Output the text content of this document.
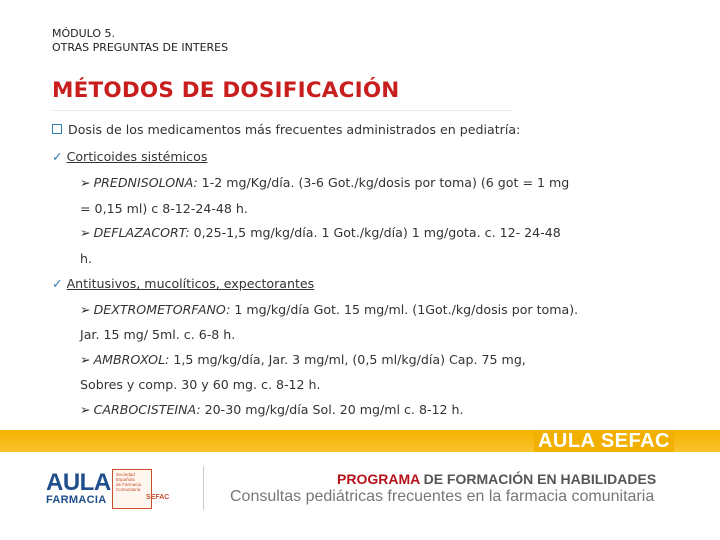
MÓDULO 5.
OTRAS PREGUNTAS DE INTERES
MÉTODOS DE DOSIFICACIÓN
Dosis de los medicamentos más frecuentes administrados en pediatría:
✓ Corticoides sistémicos
➢ PREDNISOLONA: 1-2 mg/Kg/día. (3-6 Got./kg/dosis por toma) (6 got = 1 mg
= 0,15 ml) c 8-12-24-48 h.
➢ DEFLAZACORT: 0,25-1,5 mg/kg/día. 1 Got./kg/día) 1 mg/gota. c. 12- 24-48
h.
✓ Antitusivos, mucolíticos, expectorantes
➢ DEXTROMETORFANO: 1 mg/kg/día Got. 15 mg/ml. (1Got./kg/dosis por toma).
Jar. 15 mg/ 5ml. c. 6-8 h.
➢ AMBROXOL: 1,5 mg/kg/día, Jar. 3 mg/ml, (0,5 ml/kg/día) Cap. 75 mg,
Sobres y comp. 30 y 60 mg. c. 8-12 h.
➢ CARBOCISTEINA: 20-30 mg/kg/día Sol. 20 mg/ml c. 8-12 h.
AULA SEFAC
AULA
FARMACIA
Sociedad
Española
de Farmacia
Comunitaria
SEFAC
PROGRAMA DE FORMACIÓN EN HABILIDADES
Consultas pediátricas frecuentes en la farmacia comunitaria
